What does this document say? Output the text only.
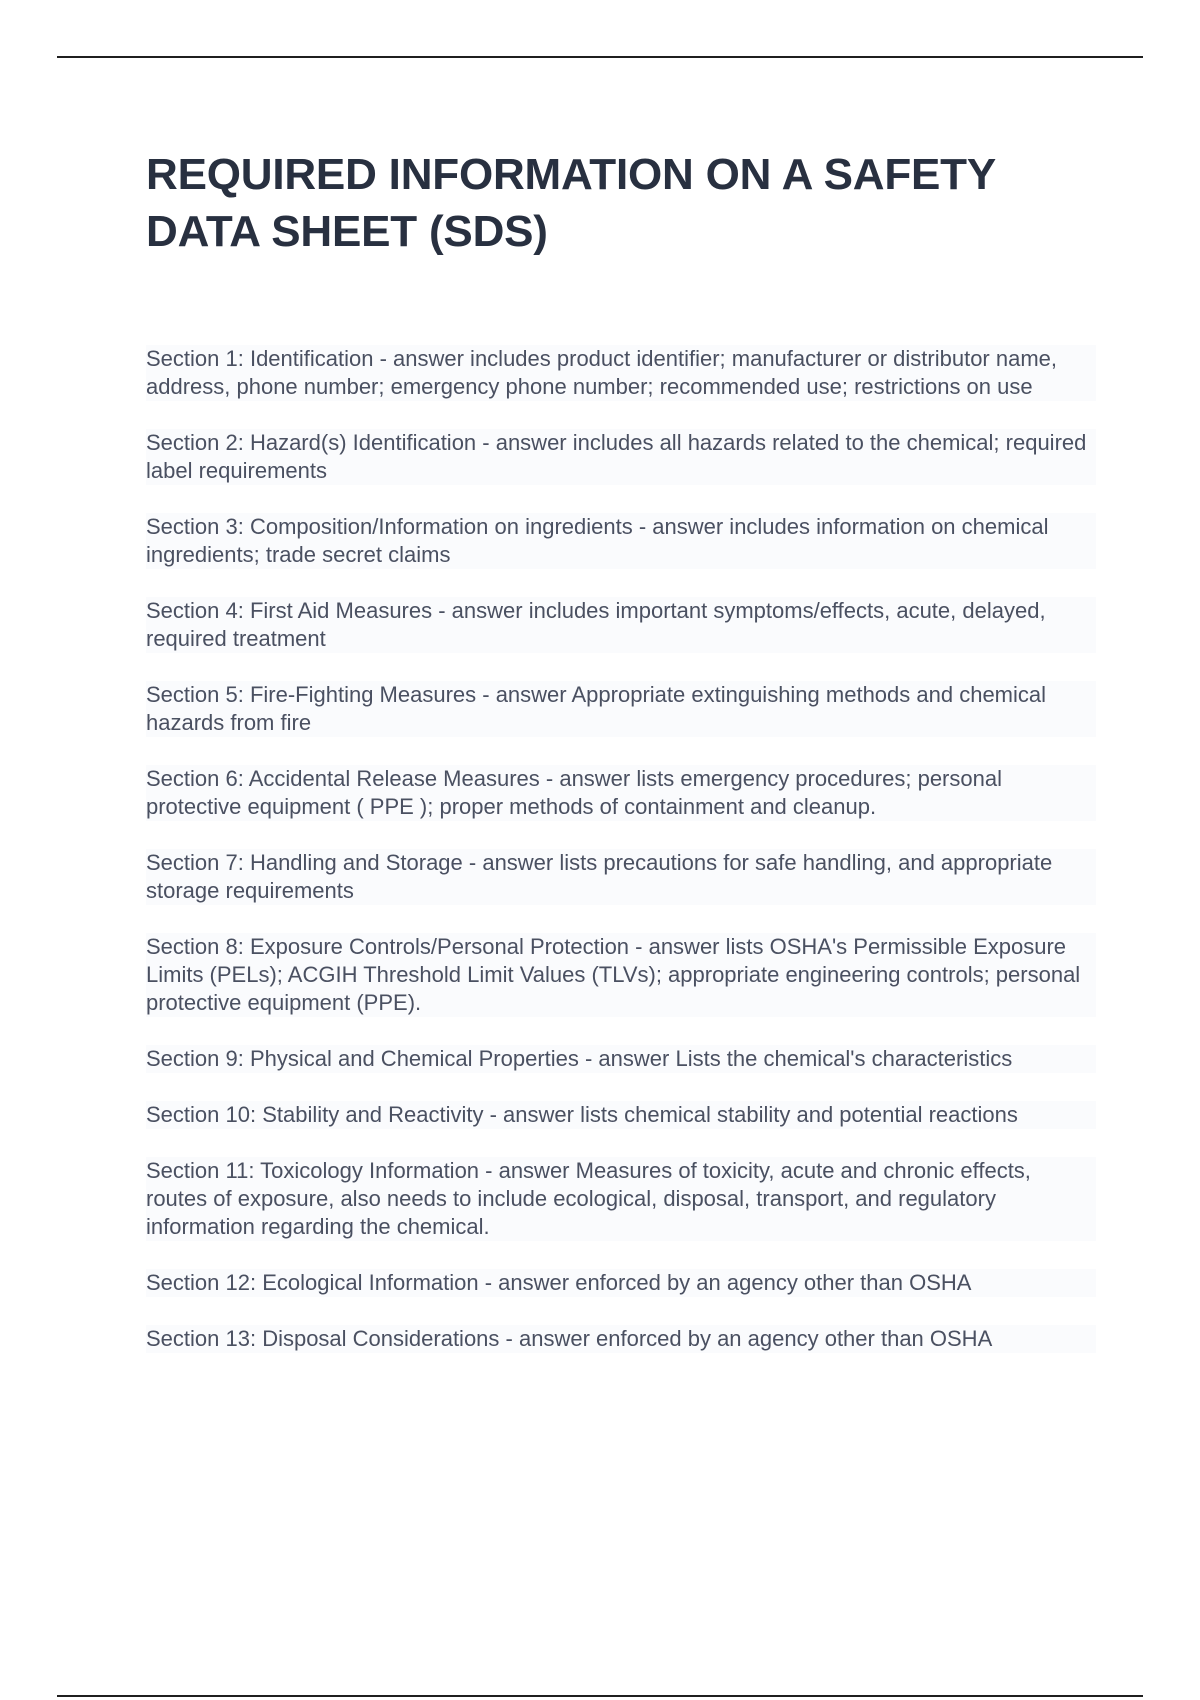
REQUIRED INFORMATION ON A SAFETY DATA SHEET (SDS)

Section 1: Identification - answer includes product identifier; manufacturer or distributor name, address, phone number; emergency phone number; recommended use; restrictions on use

Section 2: Hazard(s) Identification - answer includes all hazards related to the chemical; required label requirements

Section 3: Composition/Information on ingredients - answer includes information on chemical ingredients; trade secret claims

Section 4: First Aid Measures - answer includes important symptoms/effects, acute, delayed, required treatment

Section 5: Fire-Fighting Measures - answer Appropriate extinguishing methods and chemical hazards from fire

Section 6: Accidental Release Measures - answer lists emergency procedures; personal protective equipment ( PPE ); proper methods of containment and cleanup.

Section 7: Handling and Storage - answer lists precautions for safe handling, and appropriate storage requirements

Section 8: Exposure Controls/Personal Protection - answer lists OSHA's Permissible Exposure Limits (PELs); ACGIH Threshold Limit Values (TLVs); appropriate engineering controls; personal protective equipment (PPE).

Section 9: Physical and Chemical Properties - answer Lists the chemical's characteristics

Section 10: Stability and Reactivity - answer lists chemical stability and potential reactions

Section 11: Toxicology Information - answer Measures of toxicity, acute and chronic effects, routes of exposure, also needs to include ecological, disposal, transport, and regulatory information regarding the chemical.

Section 12: Ecological Information - answer enforced by an agency other than OSHA

Section 13: Disposal Considerations - answer enforced by an agency other than OSHA
